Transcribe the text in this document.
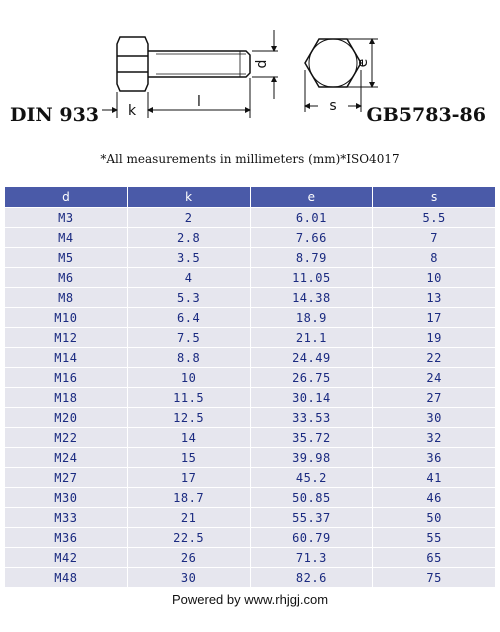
d
k
l
e
s
DIN 933	GB5783-86
*All measurements in millimeters (mm)*ISO4017
d	k	e	s
M3	2	6.01	5.5
M4	2.8	7.66	7
M5	3.5	8.79	8
M6	4	11.05	10
M8	5.3	14.38	13
M10	6.4	18.9	17
M12	7.5	21.1	19
M14	8.8	24.49	22
M16	10	26.75	24
M18	11.5	30.14	27
M20	12.5	33.53	30
M22	14	35.72	32
M24	15	39.98	36
M27	17	45.2	41
M30	18.7	50.85	46
M33	21	55.37	50
M36	22.5	60.79	55
M42	26	71.3	65
M48	30	82.6	75
Powered by www.rhjgj.com
